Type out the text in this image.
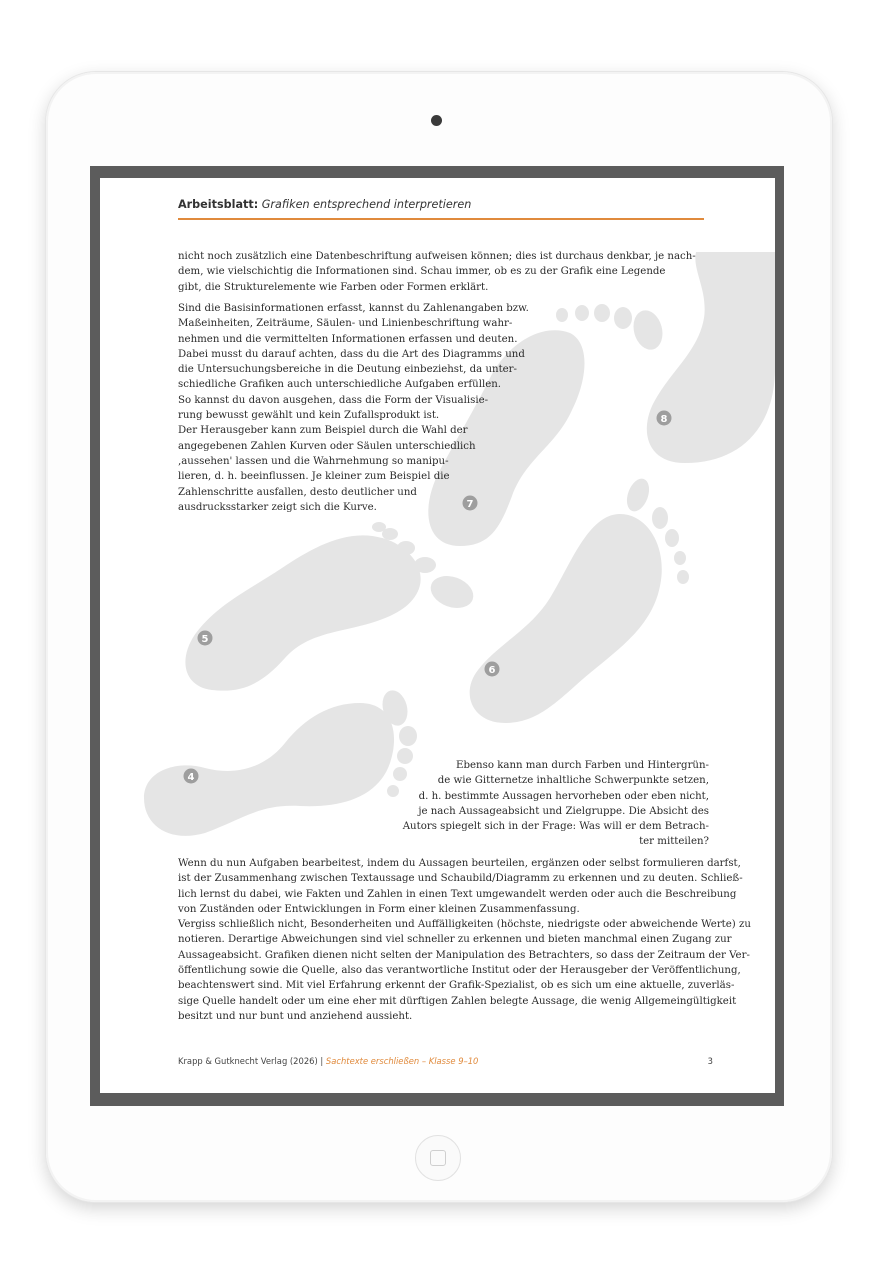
8
7
6
5
4
Arbeitsblatt: Grafiken entsprechend interpretieren
nicht noch zusätzlich eine Datenbeschriftung aufweisen können; dies ist durchaus denkbar, je nach-
dem, wie vielschichtig die Informationen sind. Schau immer, ob es zu der Grafik eine Legende
gibt, die Strukturelemente wie Farben oder Formen erklärt.
Sind die Basisinformationen erfasst, kannst du Zahlenangaben bzw.
Maßeinheiten, Zeiträume, Säulen- und Linienbeschriftung wahr-
nehmen und die vermittelten Informationen erfassen und deuten.
Dabei musst du darauf achten, dass du die Art des Diagramms und
die Untersuchungsbereiche in die Deutung einbeziehst, da unter-
schiedliche Grafiken auch unterschiedliche Aufgaben erfüllen.
So kannst du davon ausgehen, dass die Form der Visualisie-
rung bewusst gewählt und kein Zufallsprodukt ist.
Der Herausgeber kann zum Beispiel durch die Wahl der
angegebenen Zahlen Kurven oder Säulen unterschiedlich
‚aussehen' lassen und die Wahrnehmung so manipu-
lieren, d. h. beeinflussen. Je kleiner zum Beispiel die
Zahlenschritte ausfallen, desto deutlicher und
ausdrucksstarker zeigt sich die Kurve.
Ebenso kann man durch Farben und Hintergrün-
de wie Gitternetze inhaltliche Schwerpunkte setzen,
d. h. bestimmte Aussagen hervorheben oder eben nicht,
je nach Aussageabsicht und Zielgruppe. Die Absicht des
Autors spiegelt sich in der Frage: Was will er dem Betrach-
ter mitteilen?
Wenn du nun Aufgaben bearbeitest, indem du Aussagen beurteilen, ergänzen oder selbst formulieren darfst,
ist der Zusammenhang zwischen Textaussage und Schaubild/Diagramm zu erkennen und zu deuten. Schließ-
lich lernst du dabei, wie Fakten und Zahlen in einen Text umgewandelt werden oder auch die Beschreibung
von Zuständen oder Entwicklungen in Form einer kleinen Zusammenfassung.
Vergiss schließlich nicht, Besonderheiten und Auffälligkeiten (höchste, niedrigste oder abweichende Werte) zu
notieren. Derartige Abweichungen sind viel schneller zu erkennen und bieten manchmal einen Zugang zur
Aussageabsicht. Grafiken dienen nicht selten der Manipulation des Betrachters, so dass der Zeitraum der Ver-
öffentlichung sowie die Quelle, also das verantwortliche Institut oder der Herausgeber der Veröffentlichung,
beachtenswert sind. Mit viel Erfahrung erkennt der Grafik-Spezialist, ob es sich um eine aktuelle, zuverläs-
sige Quelle handelt oder um eine eher mit dürftigen Zahlen belegte Aussage, die wenig Allgemeingültigkeit
besitzt und nur bunt und anziehend aussieht.
Krapp & Gutknecht Verlag (2026) | Sachtexte erschließen – Klasse 9–10	3
